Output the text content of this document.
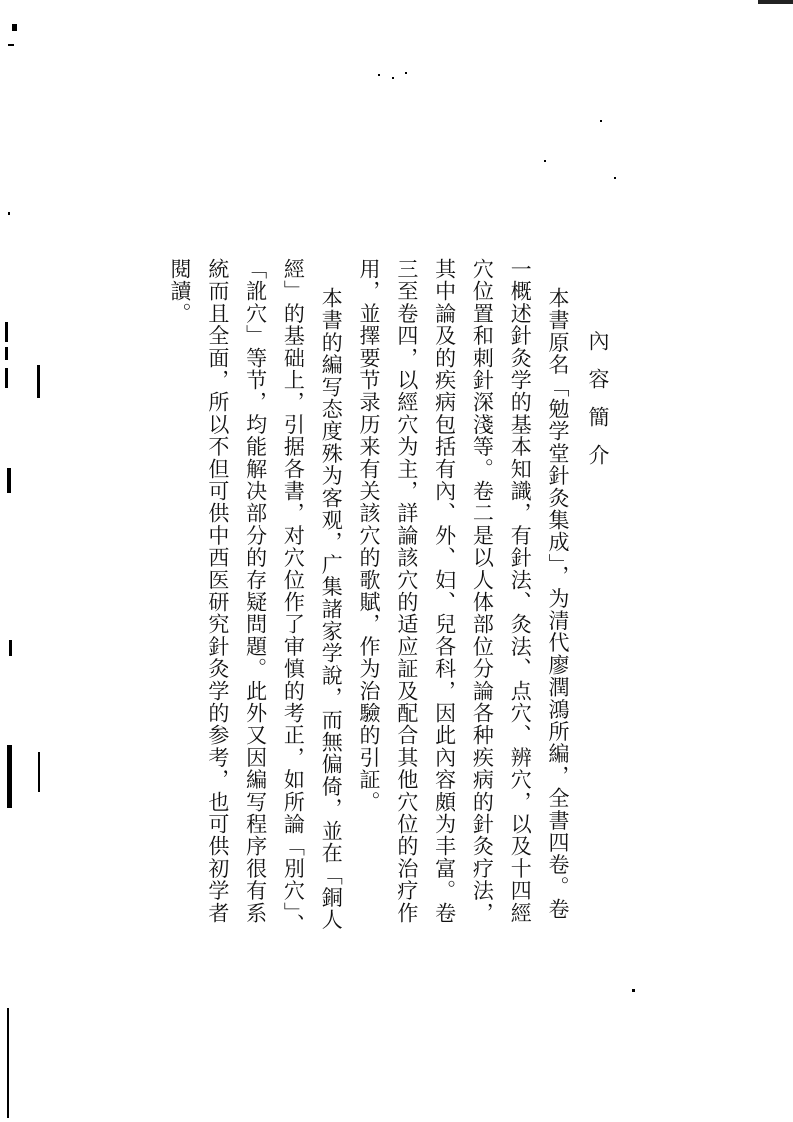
內容簡介

本書原名「勉学堂針灸集成」，为清代廖潤鴻所編，全書四卷。卷一概述針灸学的基本知識，有針法、灸法、点穴、辨穴，以及十四經穴位置和刺針深淺等。卷二是以人体部位分論各种疾病的針灸疗法，其中論及的疾病包括有內、外、妇、兒各科，因此內容頗为丰富。卷三至卷四，以經穴为主，詳論該穴的适应証及配合其他穴位的治疗作用，並擇要节录历来有关該穴的歌賦，作为治驗的引証。

本書的編写态度殊为客观，广集諸家学說，而無偏倚，並在「銅人經」的基础上，引据各書，对穴位作了审慎的考正，如所論「別穴」、「訛穴」等节，均能解决部分的存疑問題。此外又因編写程序很有系統而且全面，所以不但可供中西医研究針灸学的参考，也可供初学者閱讀。
